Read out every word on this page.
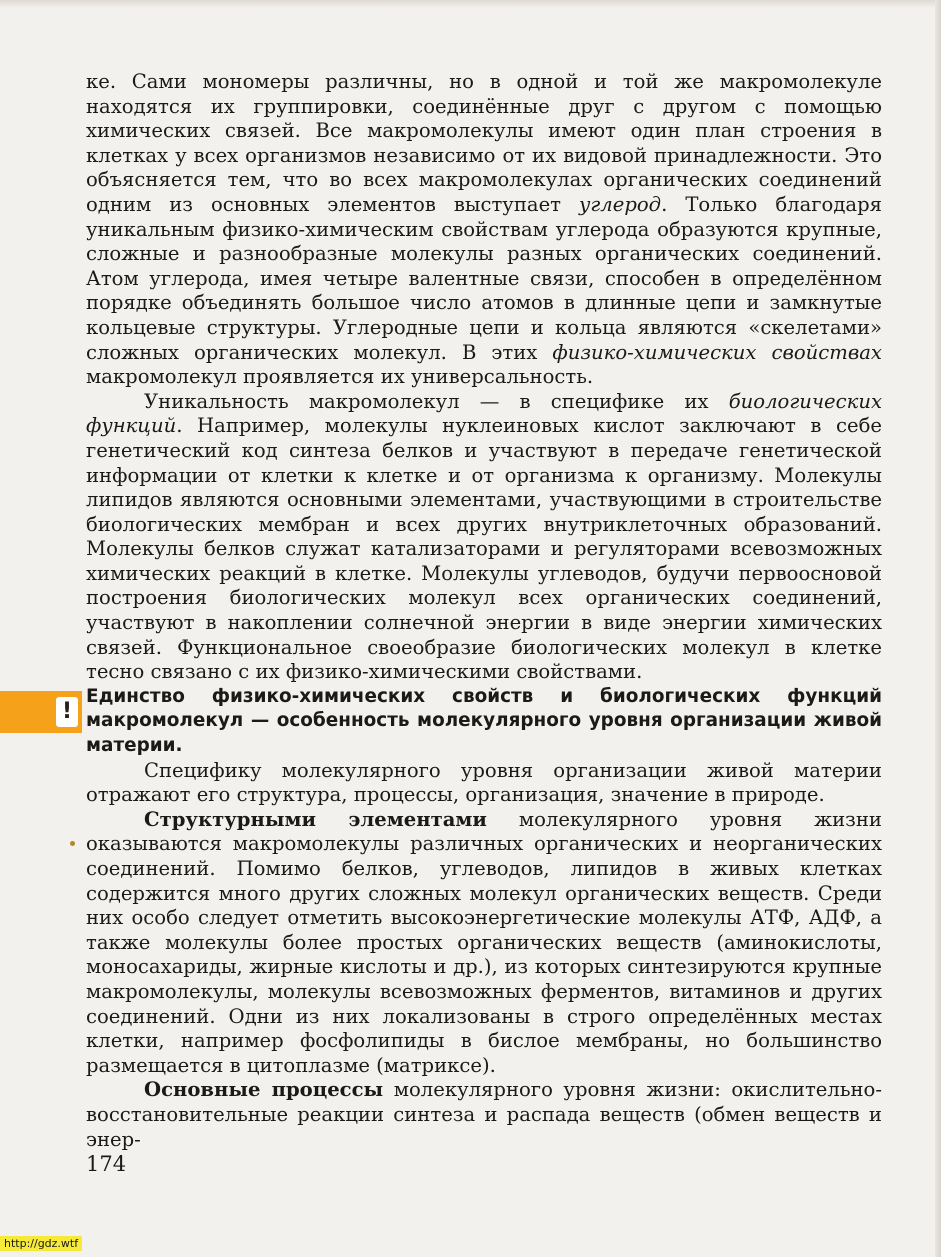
!

ке. Сами мономеры различны, но в одной и той же макромолекуле находятся их группировки, соединённые друг с другом с помощью химических связей. Все макромолекулы имеют один план строения в клетках у всех организмов независимо от их видовой принадлежности. Это объясняется тем, что во всех макромолекулах органических соединений одним из основных элементов выступает углерод. Только благодаря уникальным физико-химическим свойствам углерода образуются крупные, сложные и разнообразные молекулы разных органических соединений. Атом углерода, имея четыре валентные связи, способен в определённом порядке объединять большое число атомов в длинные цепи и замкнутые кольцевые структуры. Углеродные цепи и кольца являются «скелетами» сложных органических молекул. В этих физико-химических свойствах макромолекул проявляется их универсальность.

Уникальность макромолекул — в специфике их биологических функций. Например, молекулы нуклеиновых кислот заключают в себе генетический код синтеза белков и участвуют в передаче генетической информации от клетки к клетке и от организма к организму. Молекулы липидов являются основными элементами, участвующими в строительстве биологических мембран и всех других внутриклеточных образований. Молекулы белков служат катализаторами и регуляторами всевозможных химических реакций в клетке. Молекулы углеводов, будучи первоосновой построения биологических молекул всех органических соединений, участвуют в накоплении солнечной энергии в виде энергии химических связей. Функциональное своеобразие биологических молекул в клетке тесно связано с их физико-химическими свойствами.

Единство физико-химических свойств и биологических функций макромолекул — особенность молекулярного уровня организации живой материи.

Специфику молекулярного уровня организации живой материи отражают его структура, процессы, организация, значение в природе.

Структурными элементами молекулярного уровня жизни оказываются макромолекулы различных органических и неорганических соединений. Помимо белков, углеводов, липидов в живых клетках содержится много других сложных молекул органических веществ. Среди них особо следует отметить высокоэнергетические молекулы АТФ, АДФ, а также молекулы более простых органических веществ (аминокислоты, моносахариды, жирные кислоты и др.), из которых синтезируются крупные макромолекулы, молекулы всевозможных ферментов, витаминов и других соединений. Одни из них локализованы в строго определённых местах клетки, например фосфолипиды в бислое мембраны, но большинство размещается в цитоплазме (матриксе).

Основные процессы молекулярного уровня жизни: окислительно-восстановительные реакции синтеза и распада веществ (обмен веществ и энер-

174
http://gdz.wtf
